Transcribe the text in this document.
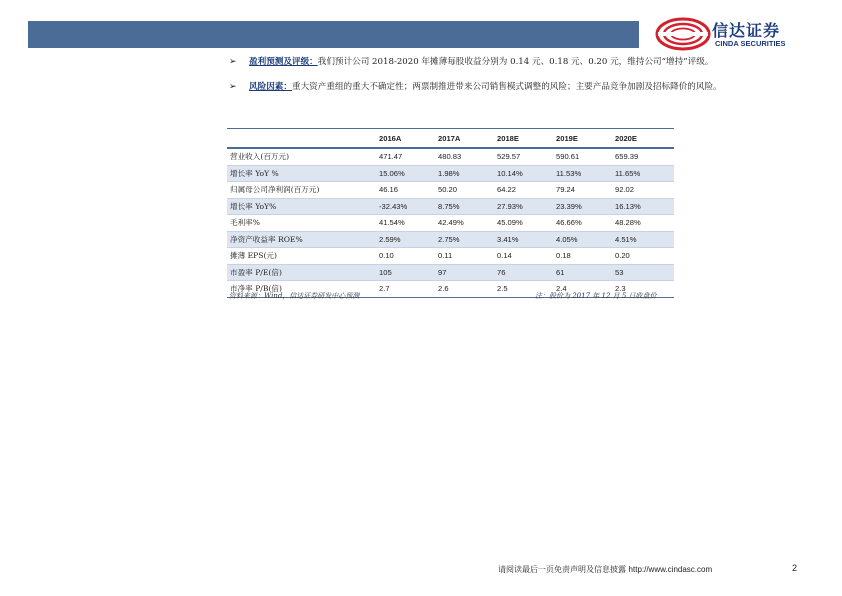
信达证券
CINDA SECURITIES
➢ 盈利预测及评级：我们预计公司 2018-2020 年摊薄每股收益分别为 0.14 元、0.18 元、0.20 元，维持公司“增持”评级。
➢ 风险因素：重大资产重组的重大不确定性；两票制推进带来公司销售模式调整的风险；主要产品竞争加剧及招标降价的风险。
	2016A	2017A	2018E	2019E	2020E
营业收入(百万元)	471.47	480.83	529.57	590.61	659.39
增长率 YoY %	15.06%	1.98%	10.14%	11.53%	11.65%
归属母公司净利润(百万元)	46.16	50.20	64.22	79.24	92.02
增长率 YoY%	-32.43%	8.75%	27.93%	23.39%	16.13%
毛利率%	41.54%	42.49%	45.09%	46.66%	48.28%
净资产收益率 ROE%	2.59%	2.75%	3.41%	4.05%	4.51%
摊薄 EPS(元)	0.10	0.11	0.14	0.18	0.20
市盈率 P/E(倍)	105	97	76	61	53
市净率 P/B(倍)	2.7	2.6	2.5	2.4	2.3
资料来源：Wind，信达证券研发中心预测	注：股价为 2017 年 12 月 5 日收盘价
请阅读最后一页免责声明及信息披露 http://www.cindasc.com	2
